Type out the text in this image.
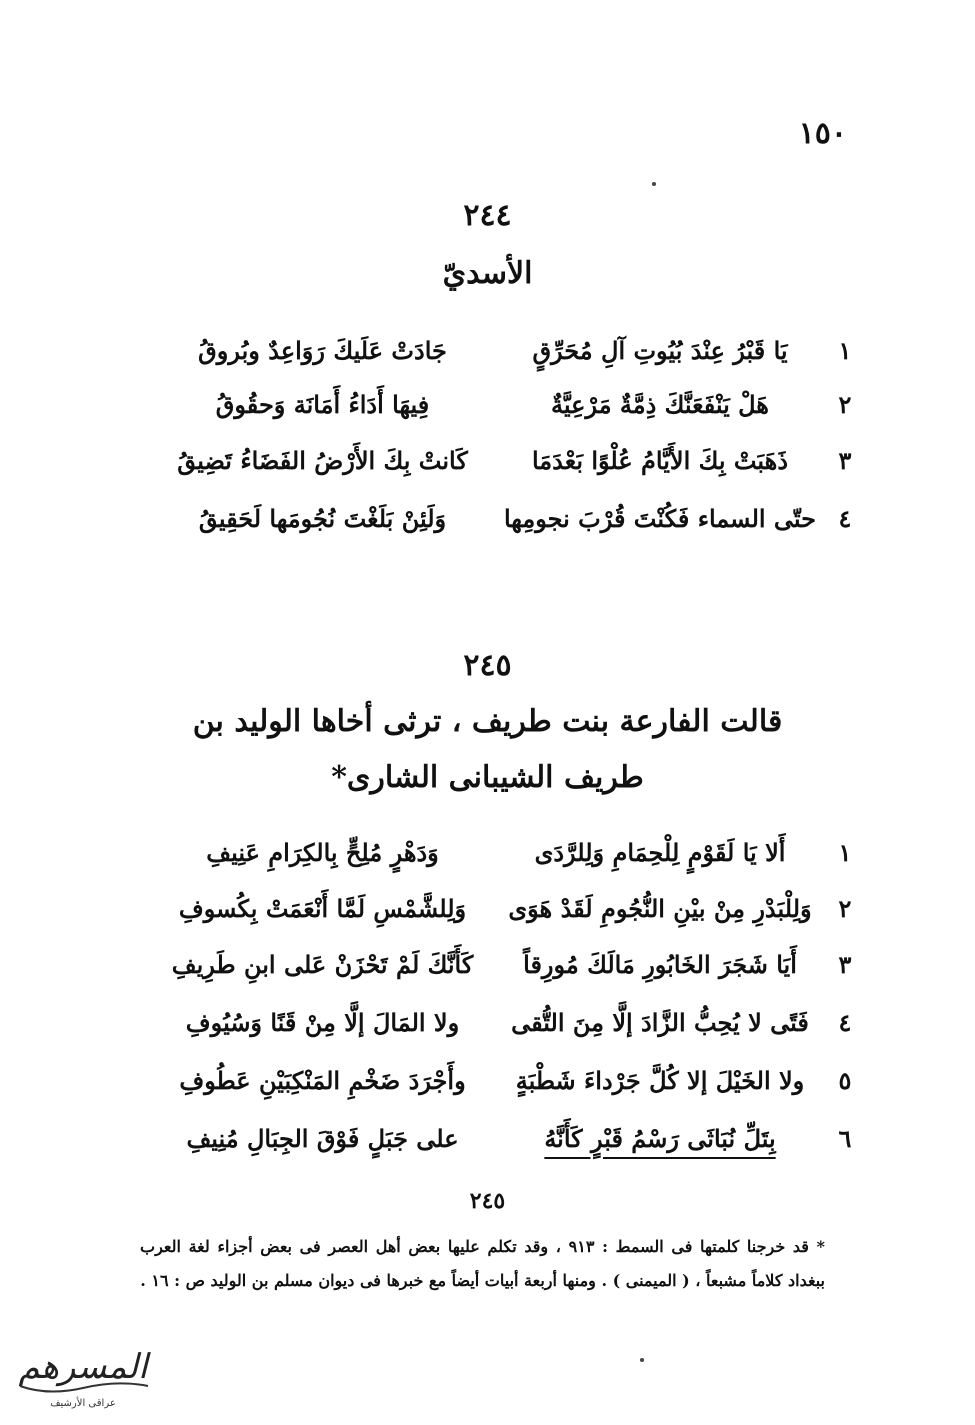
١٥٠
٢٤٤
الأسديّ
١
يَا قَبْرُ عِنْدَ بُيُوتِ آلِ مُحَرِّقٍ
جَادَتْ عَلَيكَ رَوَاعِدٌ وبُروقُ
٢
هَلْ يَنْفَعَنَّكَ ذِمَّةٌ مَرْعِيَّةٌ
فِيهَا أَدَاءُ أَمَانَة وَحقُوقُ
٣
ذَهَبَتْ بِكَ الأَيَّامُ عُلْوًا بَعْدَمَا
كَانتْ بِكَ الأَرْضُ الفَضَاءُ تَضِيقُ
٤
حتّى السماء فَكُنْتَ قُرْبَ نجومِها
وَلَئِنْ بَلَغْتَ نُجُومَها لَحَقِيقُ
٢٤٥
قالت الفارعة بنت طريف ، ترثى أخاها الوليد بن
طريف الشيبانى الشارى*
١
أَلا يَا لَقَوْمٍ لِلْحِمَامِ وَلِلرَّدَى
وَدَهْرٍ مُلِحٍّ بِالكِرَامِ عَنِيفِ
٢
وَلِلْبَدْرِ مِنْ بيْنِ النُّجُومِ لَقَدْ هَوَى
وَلِلشَّمْسِ لَمَّا أَنْعَمَتْ بِكُسوفِ
٣
أَيَا شَجَرَ الخَابُورِ مَالَكَ مُورِقاً
كَأَنَّكَ لَمْ تَحْزَنْ عَلى ابنِ طَرِيفِ
٤
فَتًى لا يُحِبُّ الزَّادَ إلَّا مِنَ التُّقى
ولا المَالَ إلَّا مِنْ قَنًا وَسُيُوفِ
٥
ولا الخَيْلَ إلا كُلَّ جَرْداءَ شَطْبَةٍ
وأَجْرَدَ ضَخْمِ المَنْكِبَيْنِ عَطُوفِ
٦
بِتَلِّ نُبَاثَى رَسْمُ قَبْرٍ كَأَنَّهُ
على جَبَلٍ فَوْقَ الجِبَالِ مُنِيفِ
٢٤٥
* قد خرجنا كلمتها فى السمط : ٩١٣ ، وقد تكلم عليها بعض أهل العصر فى بعض أجزاء لغة العرب ببغداد كلاماً مشبعاً ، ( الميمنى ) . ومنها أربعة أبيات أيضاً مع خبرها فى ديوان مسلم بن الوليد ص : ١٦ .
المسرهم
عراقى الأرشيف
